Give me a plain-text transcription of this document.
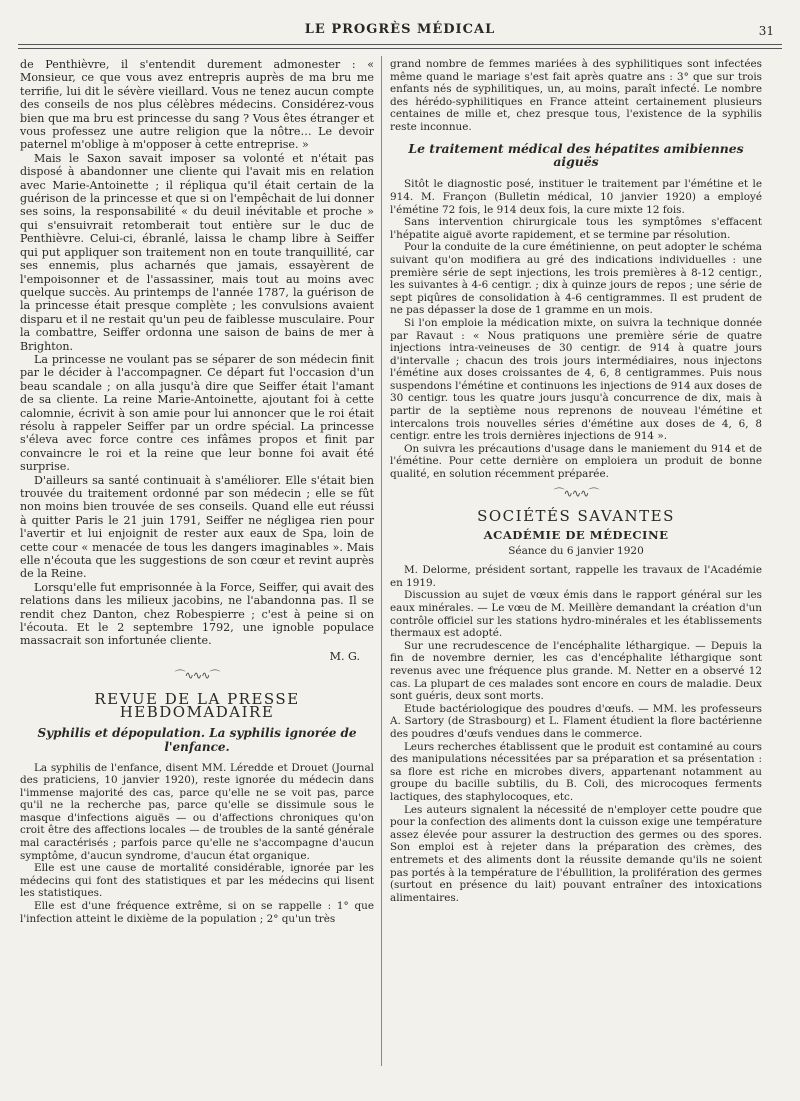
LE PROGRÈS MÉDICAL	31

de Penthièvre, il s'entendit durement admonester : « Monsieur, ce que vous avez entrepris auprès de ma bru me terrifie, lui dit le sévère vieillard. Vous ne tenez aucun compte des conseils de nos plus célèbres médecins. Considérez-vous bien que ma bru est princesse du sang ? Vous êtes étranger et vous professez une autre religion que la nôtre… Le devoir paternel m'oblige à m'opposer à cette entreprise. »

Mais le Saxon savait imposer sa volonté et n'était pas disposé à abandonner une cliente qui l'avait mis en relation avec Marie-Antoinette ; il répliqua qu'il était certain de la guérison de la princesse et que si on l'empêchait de lui donner ses soins, la responsabilité « du deuil inévitable et proche » qui s'ensuivrait retomberait tout entière sur le duc de Penthièvre. Celui-ci, ébranlé, laissa le champ libre à Seiffer qui put appliquer son traitement non en toute tranquillité, car ses ennemis, plus acharnés que jamais, essayèrent de l'empoisonner et de l'assassiner, mais tout au moins avec quelque succès. Au printemps de l'année 1787, la guérison de la princesse était presque complète ; les convulsions avaient disparu et il ne restait qu'un peu de faiblesse musculaire. Pour la combattre, Seiffer ordonna une saison de bains de mer à Brighton.

La princesse ne voulant pas se séparer de son médecin finit par le décider à l'accompagner. Ce départ fut l'occasion d'un beau scandale ; on alla jusqu'à dire que Seiffer était l'amant de sa cliente. La reine Marie-Antoinette, ajoutant foi à cette calomnie, écrivit à son amie pour lui annoncer que le roi était résolu à rappeler Seiffer par un ordre spécial. La princesse s'éleva avec force contre ces infâmes propos et finit par convaincre le roi et la reine que leur bonne foi avait été surprise.

D'ailleurs sa santé continuait à s'améliorer. Elle s'était bien trouvée du traitement ordonné par son médecin ; elle se fût non moins bien trouvée de ses conseils. Quand elle eut réussi à quitter Paris le 21 juin 1791, Seiffer ne négligea rien pour l'avertir et lui enjoignit de rester aux eaux de Spa, loin de cette cour « menacée de tous les dangers imaginables ». Mais elle n'écouta que les suggestions de son cœur et revint auprès de la Reine.

Lorsqu'elle fut emprisonnée à la Force, Seiffer, qui avait des relations dans les milieux jacobins, ne l'abandonna pas. Il se rendit chez Danton, chez Robespierre ; c'est à peine si on l'écouta. Et le 2 septembre 1792, une ignoble populace massacrait son infortunée cliente.

M. G.
⌒∿∿∿⌒
REVUE DE LA PRESSE HEBDOMADAIRE
Syphilis et dépopulation. La syphilis ignorée de l'enfance.

La syphilis de l'enfance, disent MM. Léredde et Drouet (Journal des praticiens, 10 janvier 1920), reste ignorée du médecin dans l'immense majorité des cas, parce qu'elle ne se voit pas, parce qu'il ne la recherche pas, parce qu'elle se dissimule sous le masque d'infections aiguës — ou d'affections chroniques qu'on croit être des affections locales — de troubles de la santé générale mal caractérisés ; parfois parce qu'elle ne s'accompagne d'aucun symptôme, d'aucun syndrome, d'aucun état organique.

Elle est une cause de mortalité considérable, ignorée par les médecins qui font des statistiques et par les médecins qui lisent les statistiques.

Elle est d'une fréquence extrême, si on se rappelle : 1° que l'infection atteint le dixième de la population ; 2° qu'un très

grand nombre de femmes mariées à des syphilitiques sont infectées même quand le mariage s'est fait après quatre ans : 3° que sur trois enfants nés de syphilitiques, un, au moins, paraît infecté. Le nombre des hérédo-syphilitiques en France atteint certainement plusieurs centaines de mille et, chez presque tous, l'existence de la syphilis reste inconnue.

Le traitement médical des hépatites amibiennes aiguës

Sitôt le diagnostic posé, instituer le traitement par l'émétine et le 914. M. Françon (Bulletin médical, 10 janvier 1920) a employé l'émétine 72 fois, le 914 deux fois, la cure mixte 12 fois.

Sans intervention chirurgicale tous les symptômes s'effacent l'hépatite aiguë avorte rapidement, et se termine par résolution.

Pour la conduite de la cure émétinienne, on peut adopter le schéma suivant qu'on modifiera au gré des indications individuelles : une première série de sept injections, les trois premières à 8-12 centigr., les suivantes à 4-6 centigr. ; dix à quinze jours de repos ; une série de sept piqûres de consolidation à 4-6 centigrammes. Il est prudent de ne pas dépasser la dose de 1 gramme en un mois.

Si l'on emploie la médication mixte, on suivra la technique donnée par Ravaut : « Nous pratiquons une première série de quatre injections intra-veineuses de 30 centigr. de 914 à quatre jours d'intervalle ; chacun des trois jours intermédiaires, nous injectons l'émétine aux doses croissantes de 4, 6, 8 centigrammes. Puis nous suspendons l'émétine et continuons les injections de 914 aux doses de 30 centigr. tous les quatre jours jusqu'à concurrence de dix, mais à partir de la septième nous reprenons de nouveau l'émétine et intercalons trois nouvelles séries d'émétine aux doses de 4, 6, 8 centigr. entre les trois dernières injections de 914 ».

On suivra les précautions d'usage dans le maniement du 914 et de l'émétine. Pour cette dernière on emploiera un produit de bonne qualité, en solution récemment préparée.

⌒∿∿∿⌒
SOCIÉTÉS SAVANTES
ACADÉMIE DE MÉDECINE
Séance du 6 janvier 1920

M. Delorme, président sortant, rappelle les travaux de l'Académie en 1919.

Discussion au sujet de vœux émis dans le rapport général sur les eaux minérales. — Le vœu de M. Meillère demandant la création d'un contrôle officiel sur les stations hydro-minérales et les établissements thermaux est adopté.

Sur une recrudescence de l'encéphalite léthargique. — Depuis la fin de novembre dernier, les cas d'encéphalite léthargique sont revenus avec une fréquence plus grande. M. Netter en a observé 12 cas. La plupart de ces malades sont encore en cours de maladie. Deux sont guéris, deux sont morts.

Etude bactériologique des poudres d'œufs. — MM. les professeurs A. Sartory (de Strasbourg) et L. Flament étudient la flore bactérienne des poudres d'œufs vendues dans le commerce.

Leurs recherches établissent que le produit est contaminé au cours des manipulations nécessitées par sa préparation et sa présentation : sa flore est riche en microbes divers, appartenant notamment au groupe du bacille subtilis, du B. Coli, des microcoques ferments lactiques, des staphylocoques, etc.

Les auteurs signalent la nécessité de n'employer cette poudre que pour la confection des aliments dont la cuisson exige une température assez élevée pour assurer la destruction des germes ou des spores. Son emploi est à rejeter dans la préparation des crèmes, des entremets et des aliments dont la réussite demande qu'ils ne soient pas portés à la température de l'ébullition, la prolifération des germes (surtout en présence du lait) pouvant entraîner des intoxications alimentaires.
